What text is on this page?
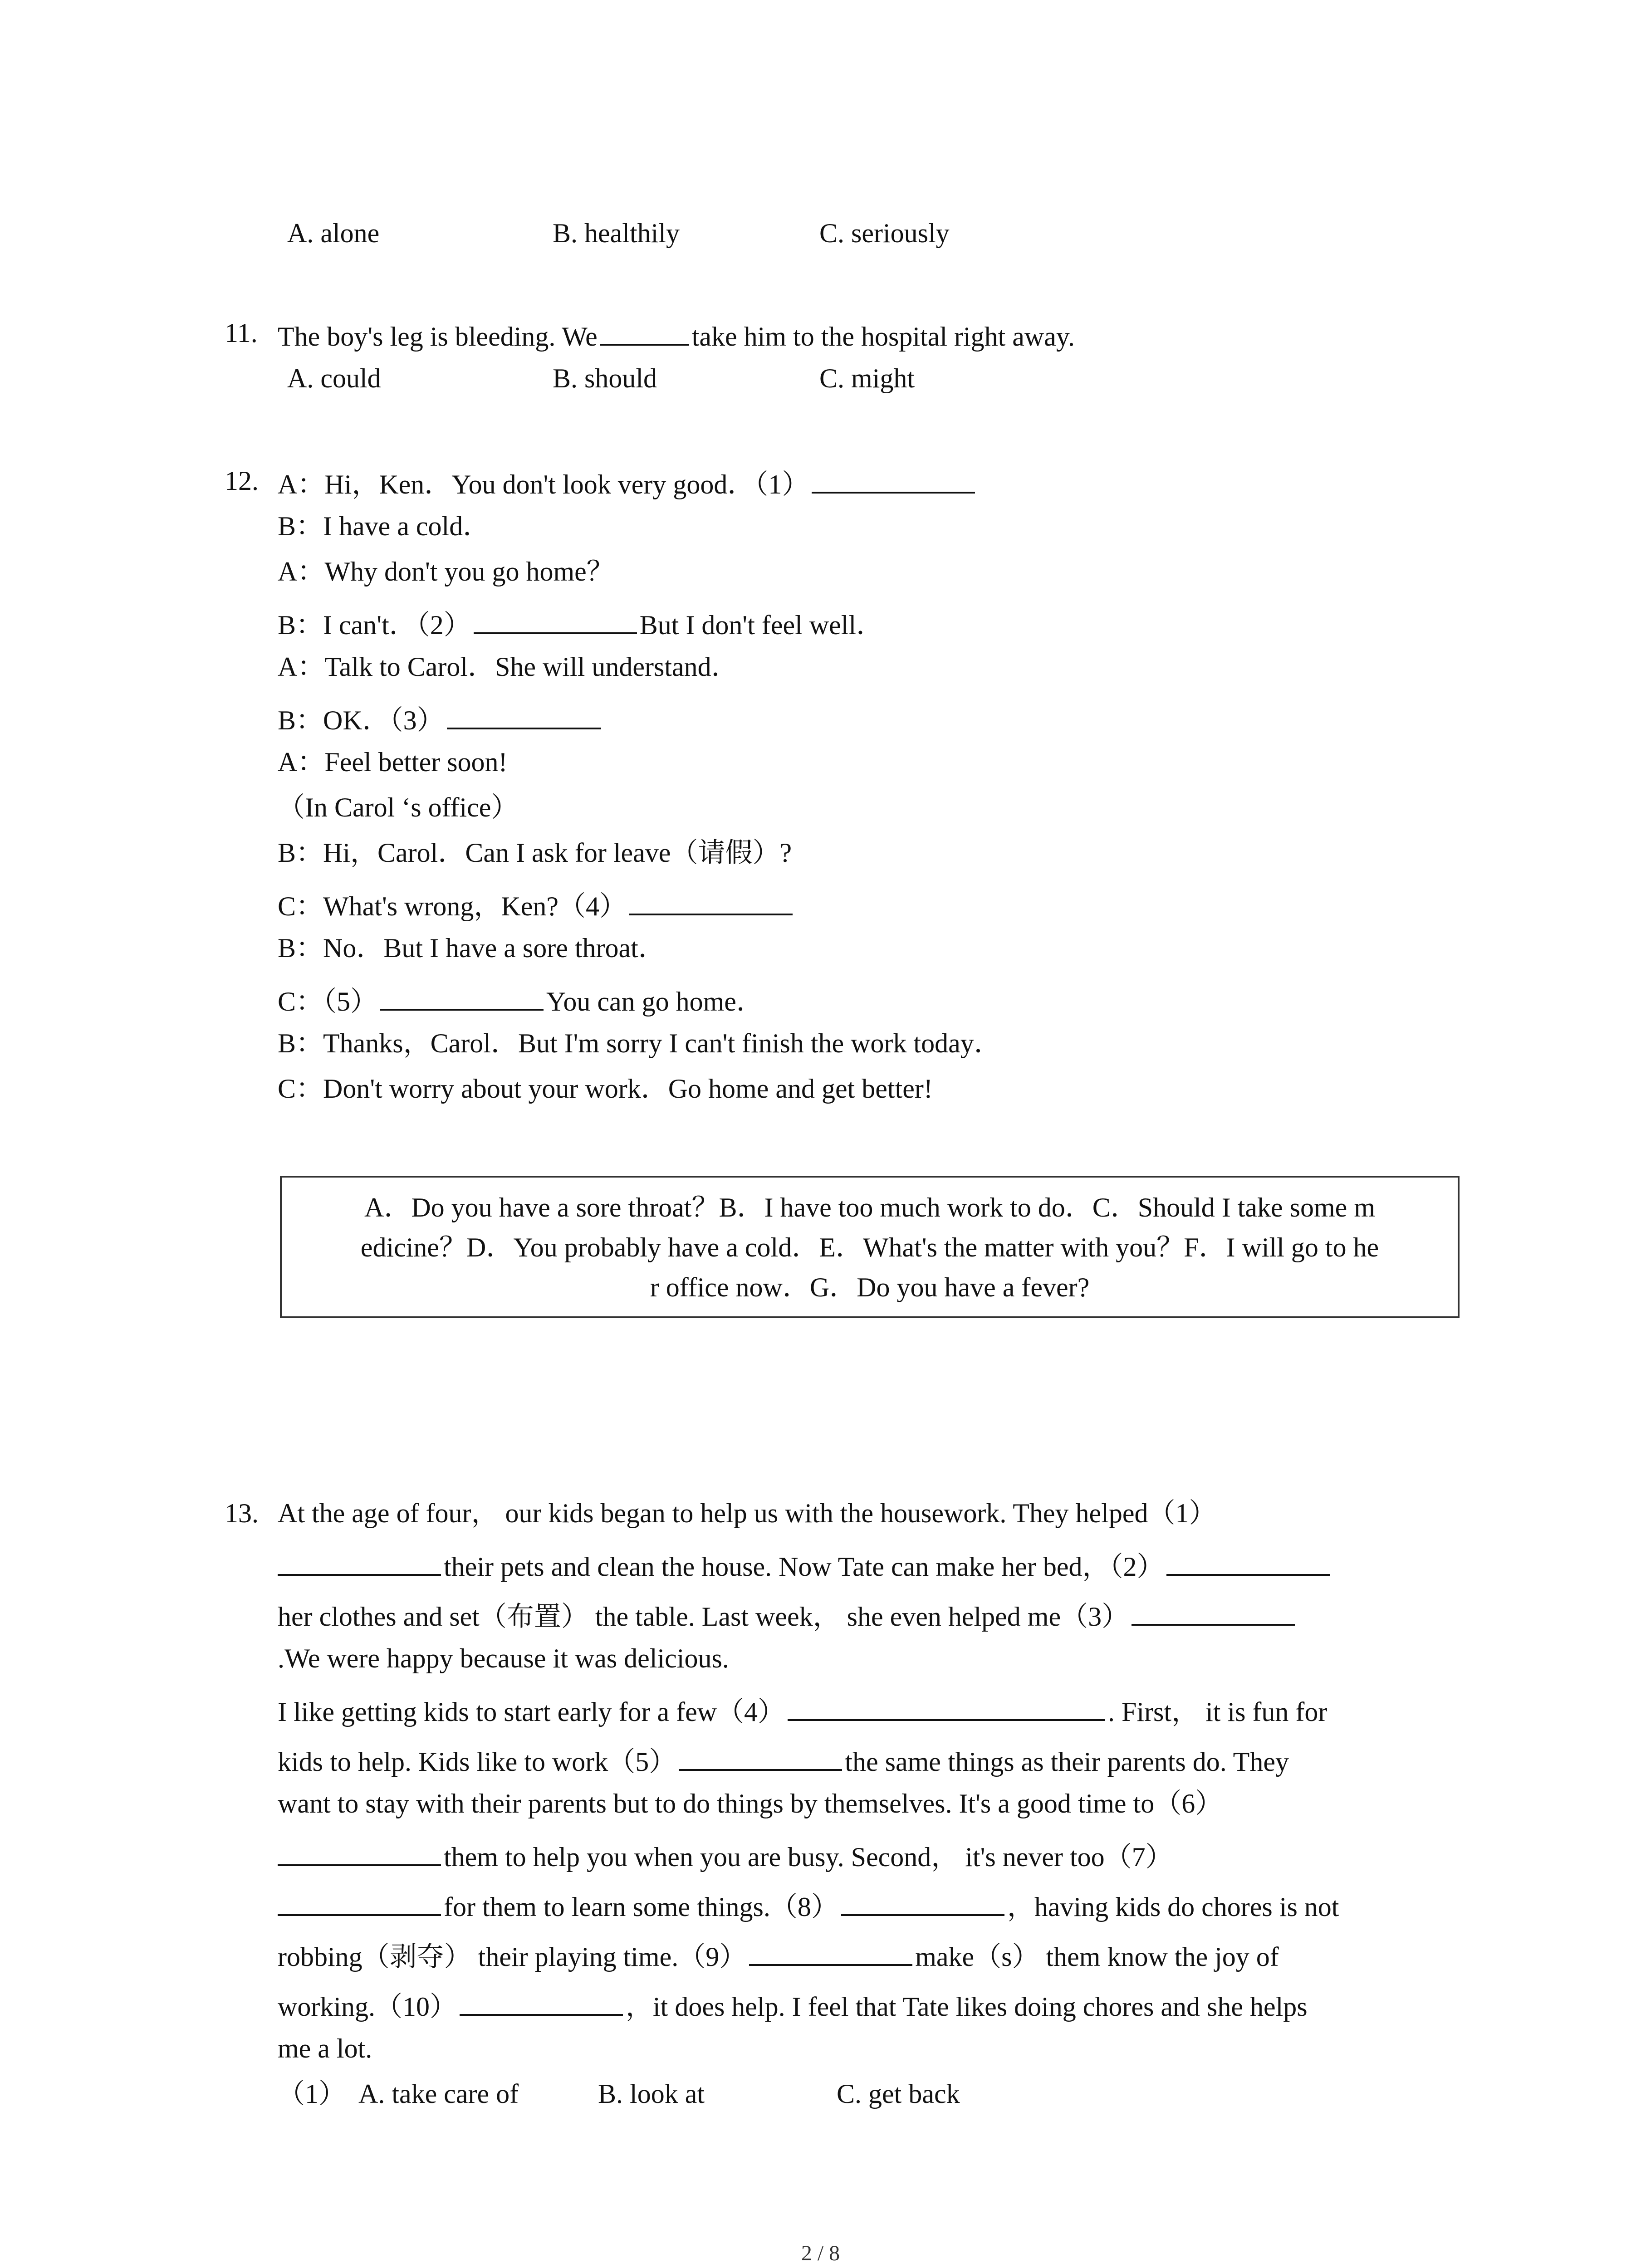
A. alone	B. healthily	C. seriously
11. The boy's leg is bleeding. We	take him to the hospital right away.
A. could	B. should	C. might
12. A：Hi，Ken．You don't look very good．（1）
B：I have a cold．
A：Why don't you go home？
B：I can't．（2）	But I don't feel well．
A：Talk to Carol．She will understand．
B：OK．（3）
A：Feel better soon!
（In Carol ‘s office）
B：Hi，Carol．Can I ask for leave（请假）?
C：What's wrong，Ken?（4）
B：No．But I have a sore throat．
C：（5）	You can go home．
B：Thanks，Carol．But I'm sorry I can't finish the work today．
C：Don't worry about your work．Go home and get better!
A．Do you have a sore throat？B．I have too much work to do．C．Should I take some m
edicine？D．You probably have a cold．E．What's the matter with you？F．I will go to he
r office now．G．Do you have a fever?
13. At the age of four， our kids began to help us with the housework. They helped（1）
their pets and clean the house. Now Tate can make her bed，（2）
her clothes and set（布置） the table. Last week， she even helped me（3）
.We were happy because it was delicious.
I like getting kids to start early for a few（4）	. First， it is fun for
kids to help. Kids like to work（5）	the same things as their parents do. They
want to stay with their parents but to do things by themselves. It's a good time to（6）
them to help you when you are busy. Second， it's never too（7）
for them to learn some things.（8）	，having kids do chores is not
robbing（剥夺） their playing time.（9）	make（s） them know the joy of
working.（10）	，it does help. I feel that Tate likes doing chores and she helps
me a lot.
（1） A. take care of	B. look at	C. get back
2 / 8
